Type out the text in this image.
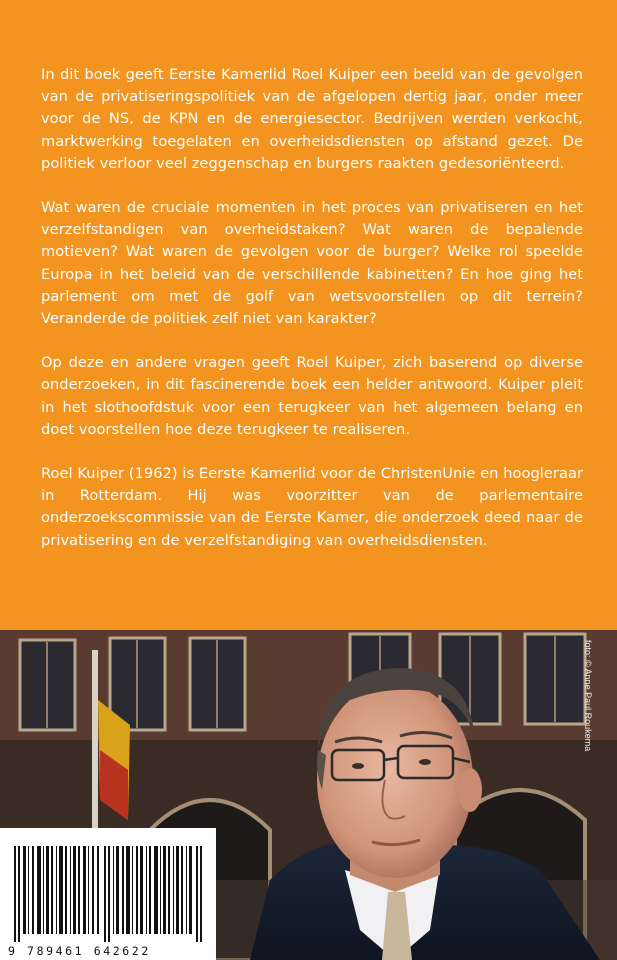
In dit boek geeft Eerste Kamerlid Roel Kuiper een beeld van de gevolgen van de privatiseringspolitiek van de afgelopen dertig jaar, onder meer voor de NS, de KPN en de energiesector. Bedrijven werden verkocht, marktwerking toegelaten en overheidsdiensten op afstand gezet. De politiek verloor veel zeggenschap en burgers raakten gedesoriënteerd.

Wat waren de cruciale momenten in het proces van privatiseren en het verzelfstandigen van overheidstaken? Wat waren de bepalende motieven? Wat waren de gevolgen voor de burger? Welke rol speelde Europa in het beleid van de verschillende kabinetten? En hoe ging het parlement om met de golf van wetsvoorstellen op dit terrein? Veranderde de politiek zelf niet van karakter?

Op deze en andere vragen geeft Roel Kuiper, zich baserend op diverse onderzoeken, in dit fascinerende boek een helder antwoord. Kuiper pleit in het slothoofdstuk voor een terugkeer van het algemeen belang en doet voorstellen hoe deze terugkeer te realiseren.

Roel Kuiper (1962) is Eerste Kamerlid voor de ChristenUnie en hoogleraar in Rotterdam. Hij was voorzitter van de parlementaire onderzoekscommissie van de Eerste Kamer, die onderzoek deed naar de privatisering en de verzelfstandiging van overheidsdiensten.

foto: © Anne Paul Roukema
9 789461 642622
